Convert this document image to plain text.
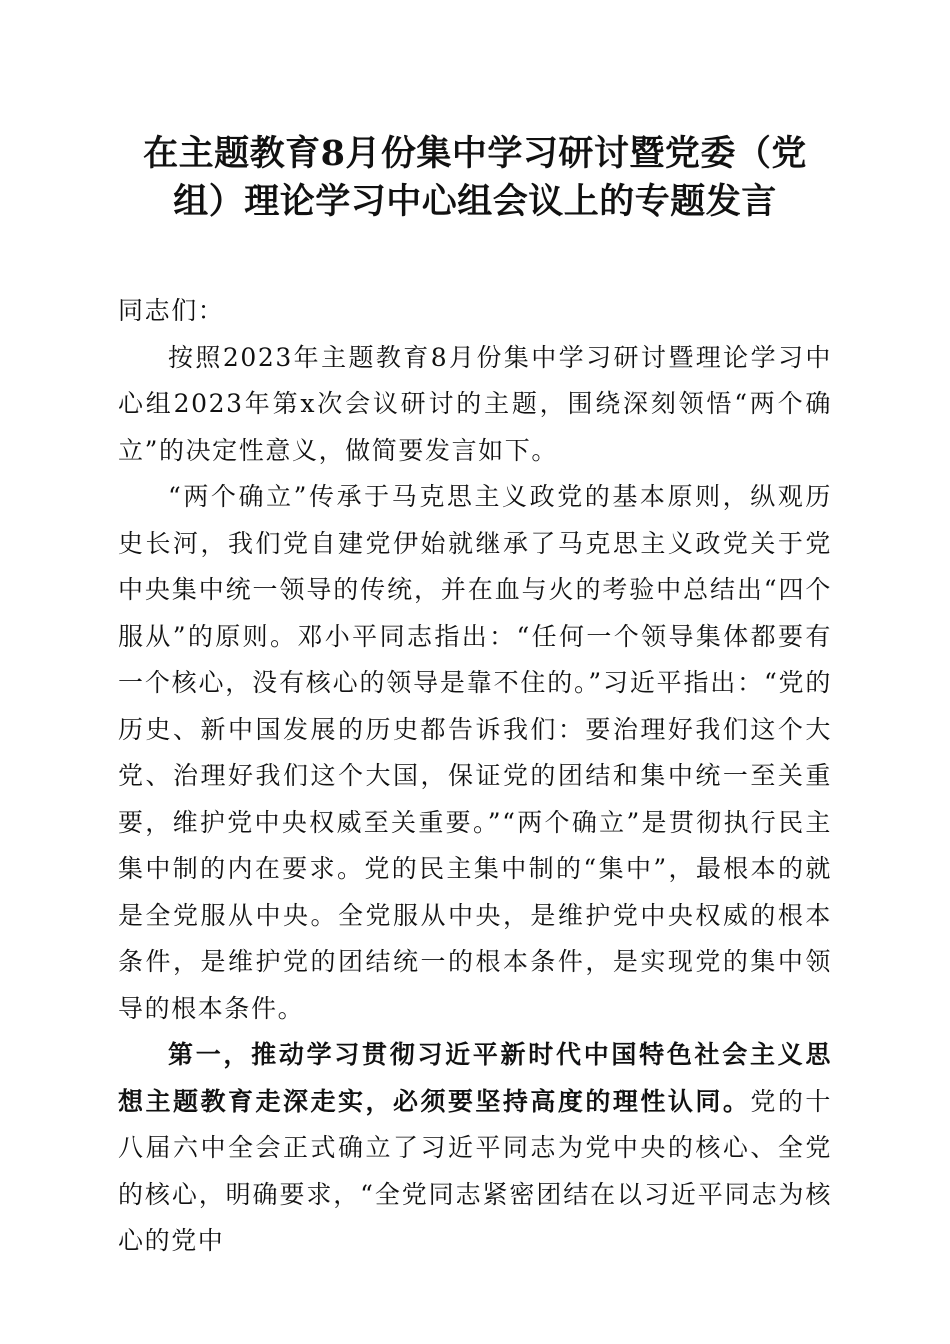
在主题教育8月份集中学习研讨暨党委（党
组）理论学习中心组会议上的专题发言

同志们：

按照2023年主题教育8月份集中学习研讨暨理论学习中心组2023年第x次会议研讨的主题，围绕深刻领悟“两个确立”的决定性意义，做简要发言如下。

“两个确立”传承于马克思主义政党的基本原则，纵观历史长河，我们党自建党伊始就继承了马克思主义政党关于党中央集中统一领导的传统，并在血与火的考验中总结出“四个服从”的原则。邓小平同志指出：“任何一个领导集体都要有一个核心，没有核心的领导是靠不住的。”习近平指出：“党的历史、新中国发展的历史都告诉我们：要治理好我们这个大党、治理好我们这个大国，保证党的团结和集中统一至关重要，维护党中央权威至关重要。”“两个确立”是贯彻执行民主集中制的内在要求。党的民主集中制的“集中”，最根本的就是全党服从中央。全党服从中央，是维护党中央权威的根本条件，是维护党的团结统一的根本条件，是实现党的集中领导的根本条件。

第一，推动学习贯彻习近平新时代中国特色社会主义思想主题教育走深走实，必须要坚持高度的理性认同。党的十八届六中全会正式确立了习近平同志为党中央的核心、全党的核心，明确要求，“全党同志紧密团结在以习近平同志为核心的党中
